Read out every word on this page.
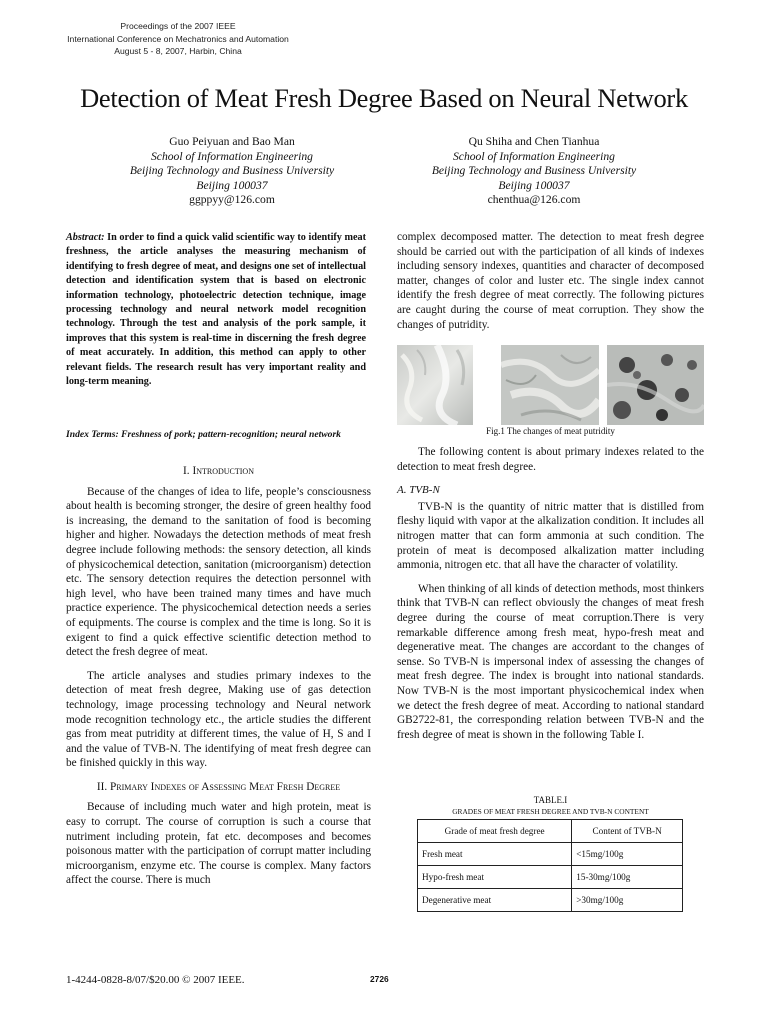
Proceedings of the 2007 IEEE
International Conference on Mechatronics and Automation
August 5 - 8, 2007, Harbin, China
Detection of Meat Fresh Degree Based on Neural Network
Guo Peiyuan and Bao Man
School of Information Engineering
Beijing Technology and Business University
Beijing 100037
ggppyy@126.com
Qu Shiha and Chen Tianhua
School of Information Engineering
Beijing Technology and Business University
Beijing 100037
chenthua@126.com
Abstract: In order to find a quick valid scientific way to identify meat freshness, the article analyses the measuring mechanism of identifying to fresh degree of meat, and designs one set of intellectual detection and identification system that is based on electronic information technology, photoelectric detection technique, image processing technology and neural network model recognition technology. Through the test and analysis of the pork sample, it improves that this system is real-time in discerning the fresh degree of meat accurately. In addition, this method can apply to other relevant fields. The research result has very important reality and long-term meaning.
Index Terms: Freshness of pork; pattern-recognition; neural network
I. Introduction

Because of the changes of idea to life, people’s consciousness about health is becoming stronger, the desire of green healthy food is increasing, the demand to the sanitation of food is becoming higher and higher. Nowadays the detection methods of meat fresh degree include following methods: the sensory detection, all kinds of physicochemical detection, sanitation (microorganism) detection etc. The sensory detection requires the detection personnel with high level, who have been trained many times and have much practice experience. The physicochemical detection needs a series of equipments. The course is complex and the time is long. So it is exigent to find a quick effective scientific detection method to detect the fresh degree of meat.

The article analyses and studies primary indexes to the detection of meat fresh degree, Making use of gas detection technology, image processing technology and Neural network mode recognition technology etc., the article studies the different gas from meat putridity at different times, the value of H, S and I and the value of TVB-N. The identifying of meat fresh degree can be finished quickly in this way.

II. Primary Indexes of Assessing Meat Fresh Degree

Because of including much water and high protein, meat is easy to corrupt. The course of corruption is such a course that nutriment including protein, fat etc. decomposes and becomes poisonous matter with the participation of corrupt matter including microorganism, enzyme etc. The course is complex. Many factors affect the course. There is much

complex decomposed matter. The detection to meat fresh degree should be carried out with the participation of all kinds of indexes including sensory indexes, quantities and character of decomposed matter, changes of color and luster etc. The single index cannot identify the fresh degree of meat correctly. The following pictures are caught during the course of meat corruption. They show the changes of putridity.
Fig.1 The changes of meat putridity

The following content is about primary indexes related to the detection to meat fresh degree.

A. TVB-N

TVB-N is the quantity of nitric matter that is distilled from fleshy liquid with vapor at the alkalization condition. It includes all nitrogen matter that can form ammonia at such condition. The protein of meat is decomposed alkalization matter including ammonia, nitrogen etc. that all have the character of volatility.

When thinking of all kinds of detection methods, most thinkers think that TVB-N can reflect obviously the changes of meat fresh degree during the course of meat corruption.There is very remarkable difference among fresh meat, hypo-fresh meat and degenerative meat. The changes are accordant to the changes of sense. So TVB-N is impersonal index of assessing the changes of meat fresh degree. The index is brought into national standards. Now TVB-N is the most important physicochemical index when we detect the fresh degree of meat. According to national standard GB2722-81, the corresponding relation between TVB-N and the fresh degree of meat is shown in the following Table I.

TABLE.I
GRADES OF MEAT FRESH DEGREE AND TVB-N CONTENT
Grade of meat fresh degree	Content of TVB-N
Fresh meat	<15mg/100g
Hypo-fresh meat	15-30mg/100g
Degenerative meat	>30mg/100g
1-4244-0828-8/07/$20.00 © 2007 IEEE.	2726
